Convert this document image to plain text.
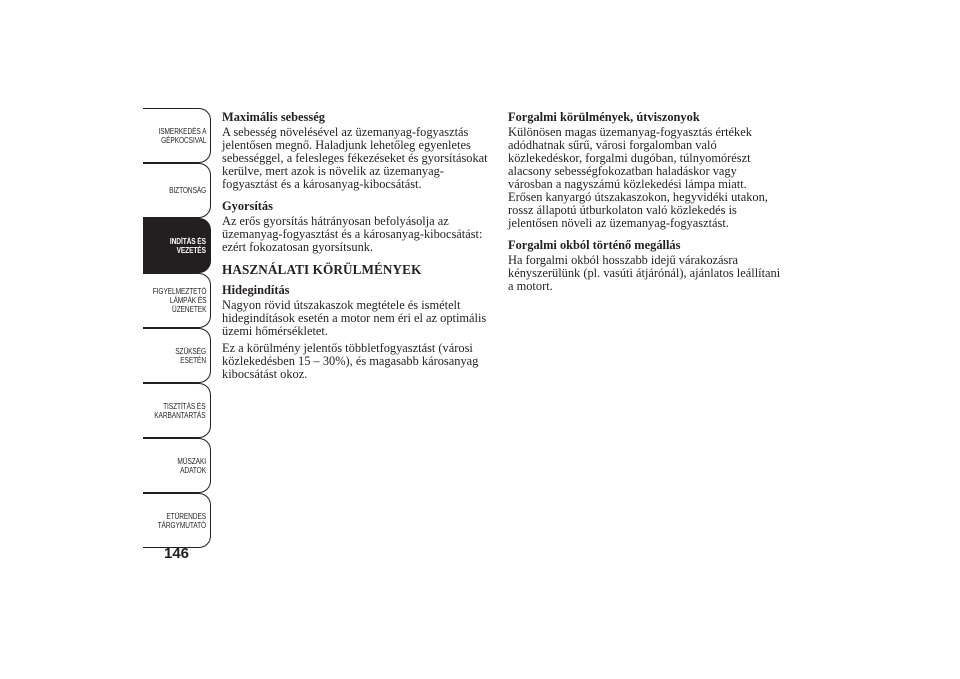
ISMERKEDÉS A
GÉPKOCSIVAL
BIZTONSÁG
INDÍTÁS ÉS
VEZETÉS
FIGYELMEZTETŐ
LÁMPÁK ÉS
ÜZENETEK
SZÜKSÉG ESETÉN
TISZTÍTÁS ÉS
KARBANTARTÁS
MŰSZAKI ADATOK
ETŰRENDES
TÁRGYMUTATÓ
146
Maximális sebesség

A sebesség növelésével az üzemanyag-fogyasztás jelentősen megnő. Haladjunk lehetőleg egyenletes sebességgel, a felesleges fékezéseket és gyorsításokat kerülve, mert azok is növelik az üzemanyag-fogyasztást és a károsanyag-kibocsátást.

Gyorsítás

Az erős gyorsítás hátrányosan befolyásolja az üzemanyag-fogyasztást és a károsanyag-kibocsátást: ezért fokozatosan gyorsítsunk.

HASZNÁLATI KÖRÜLMÉNYEK
Hidegindítás

Nagyon rövid útszakaszok megtétele és ismételt hidegindítások esetén a motor nem éri el az optimális üzemi hőmérsékletet.

Ez a körülmény jelentős többletfogyasztást (városi közlekedésben 15 – 30%), és magasabb károsanyag kibocsátást okoz.

Forgalmi körülmények, útviszonyok

Különösen magas üzemanyag-fogyasztás értékek adódhatnak sűrű, városi forgalomban való közlekedéskor, forgalmi dugóban, túlnyomórészt alacsony sebességfokozatban haladáskor vagy városban a nagyszámú közlekedési lámpa miatt. Erősen kanyargó útszakaszokon, hegyvidéki utakon, rossz állapotú útburkolaton való közlekedés is jelentősen növeli az üzemanyag-fogyasztást.

Forgalmi okból történő megállás

Ha forgalmi okból hosszabb idejű várakozásra kényszerülünk (pl. vasúti átjárónál), ajánlatos leállítani a motort.
